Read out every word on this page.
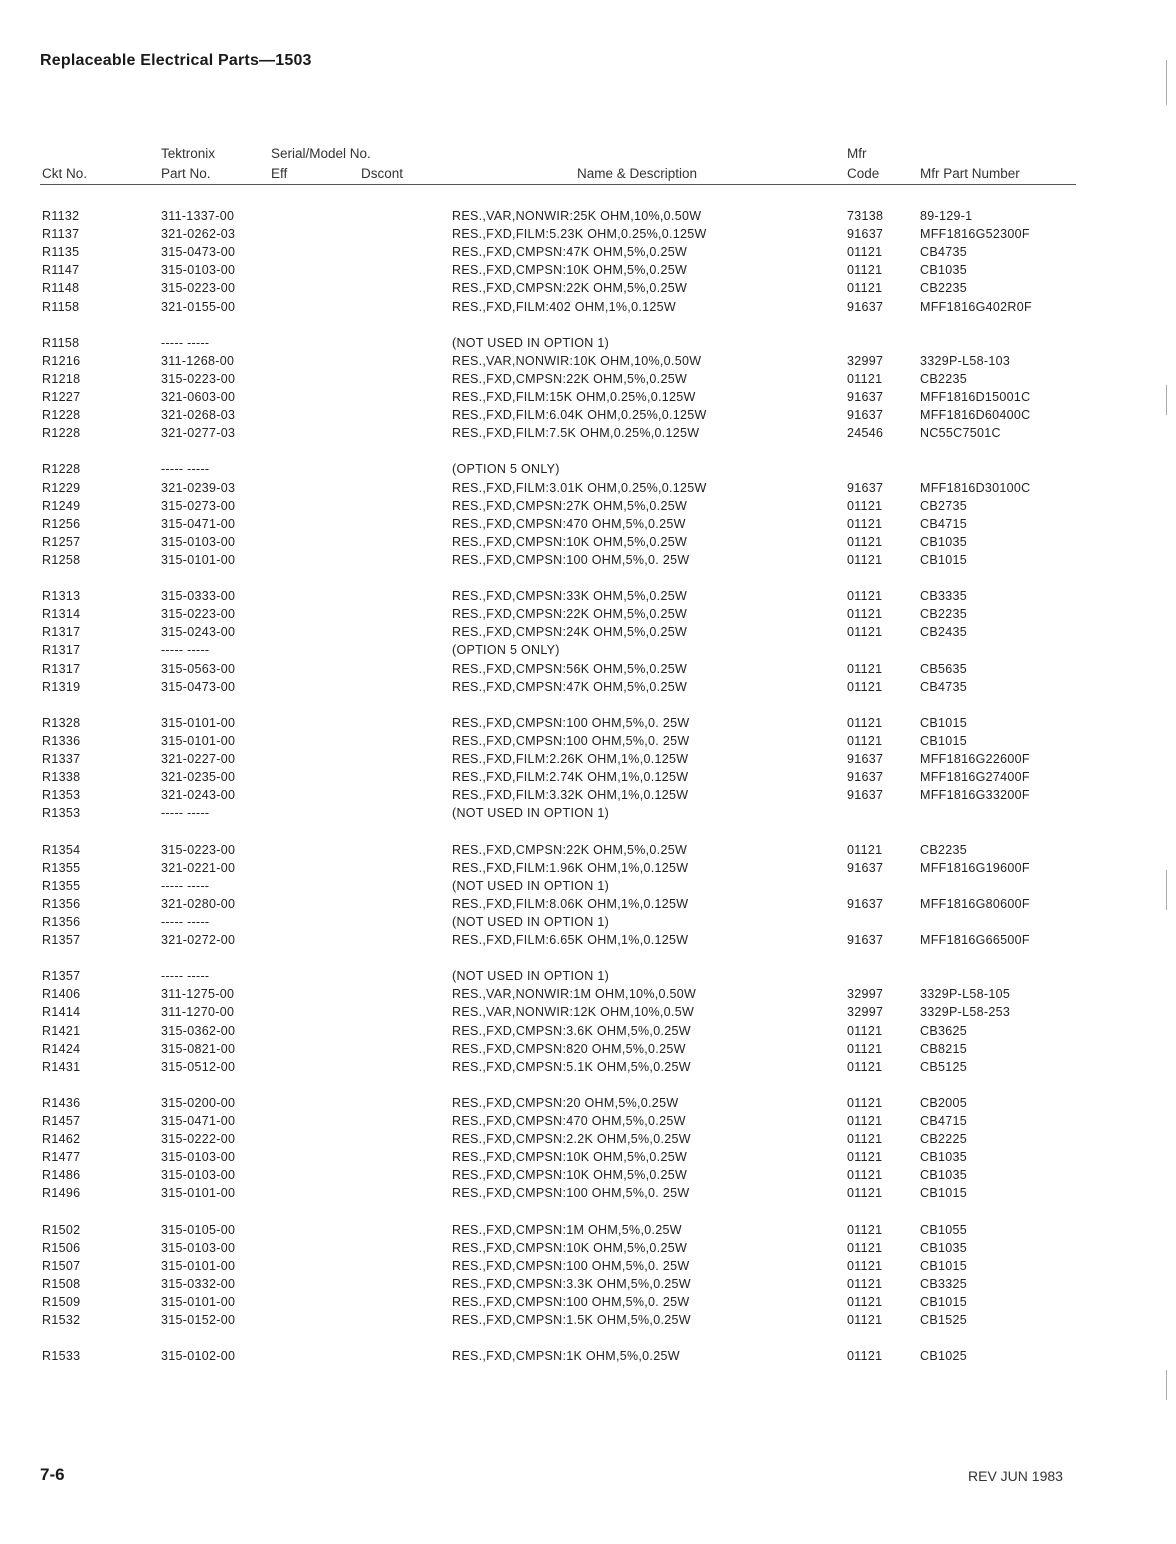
Replaceable Electrical Parts—1503
Tektronix	Serial/Model No.	Mfr
Ckt No.	Part No.	Eff	Dscont	Name & Description	Code	Mfr Part Number
R1132	311-1337-00	RES.,VAR,NONWIR:25K OHM,10%,0.50W	73138	89-129-1
R1137	321-0262-03	RES.,FXD,FILM:5.23K OHM,0.25%,0.125W	91637	MFF1816G52300F
R1135	315-0473-00	RES.,FXD,CMPSN:47K OHM,5%,0.25W	01121	CB4735
R1147	315-0103-00	RES.,FXD,CMPSN:10K OHM,5%,0.25W	01121	CB1035
R1148	315-0223-00	RES.,FXD,CMPSN:22K OHM,5%,0.25W	01121	CB2235
R1158	321-0155-00	RES.,FXD,FILM:402 OHM,1%,0.125W	91637	MFF1816G402R0F
R1158	----- -----	(NOT USED IN OPTION 1)
R1216	311-1268-00	RES.,VAR,NONWIR:10K OHM,10%,0.50W	32997	3329P-L58-103
R1218	315-0223-00	RES.,FXD,CMPSN:22K OHM,5%,0.25W	01121	CB2235
R1227	321-0603-00	RES.,FXD,FILM:15K OHM,0.25%,0.125W	91637	MFF1816D15001C
R1228	321-0268-03	RES.,FXD,FILM:6.04K OHM,0.25%,0.125W	91637	MFF1816D60400C
R1228	321-0277-03	RES.,FXD,FILM:7.5K OHM,0.25%,0.125W	24546	NC55C7501C
R1228	----- -----	(OPTION 5 ONLY)
R1229	321-0239-03	RES.,FXD,FILM:3.01K OHM,0.25%,0.125W	91637	MFF1816D30100C
R1249	315-0273-00	RES.,FXD,CMPSN:27K OHM,5%,0.25W	01121	CB2735
R1256	315-0471-00	RES.,FXD,CMPSN:470 OHM,5%,0.25W	01121	CB4715
R1257	315-0103-00	RES.,FXD,CMPSN:10K OHM,5%,0.25W	01121	CB1035
R1258	315-0101-00	RES.,FXD,CMPSN:100 OHM,5%,0. 25W	01121	CB1015
R1313	315-0333-00	RES.,FXD,CMPSN:33K OHM,5%,0.25W	01121	CB3335
R1314	315-0223-00	RES.,FXD,CMPSN:22K OHM,5%,0.25W	01121	CB2235
R1317	315-0243-00	RES.,FXD,CMPSN:24K OHM,5%,0.25W	01121	CB2435
R1317	----- -----	(OPTION 5 ONLY)
R1317	315-0563-00	RES.,FXD,CMPSN:56K OHM,5%,0.25W	01121	CB5635
R1319	315-0473-00	RES.,FXD,CMPSN:47K OHM,5%,0.25W	01121	CB4735
R1328	315-0101-00	RES.,FXD,CMPSN:100 OHM,5%,0. 25W	01121	CB1015
R1336	315-0101-00	RES.,FXD,CMPSN:100 OHM,5%,0. 25W	01121	CB1015
R1337	321-0227-00	RES.,FXD,FILM:2.26K OHM,1%,0.125W	91637	MFF1816G22600F
R1338	321-0235-00	RES.,FXD,FILM:2.74K OHM,1%,0.125W	91637	MFF1816G27400F
R1353	321-0243-00	RES.,FXD,FILM:3.32K OHM,1%,0.125W	91637	MFF1816G33200F
R1353	----- -----	(NOT USED IN OPTION 1)
R1354	315-0223-00	RES.,FXD,CMPSN:22K OHM,5%,0.25W	01121	CB2235
R1355	321-0221-00	RES.,FXD,FILM:1.96K OHM,1%,0.125W	91637	MFF1816G19600F
R1355	----- -----	(NOT USED IN OPTION 1)
R1356	321-0280-00	RES.,FXD,FILM:8.06K OHM,1%,0.125W	91637	MFF1816G80600F
R1356	----- -----	(NOT USED IN OPTION 1)
R1357	321-0272-00	RES.,FXD,FILM:6.65K OHM,1%,0.125W	91637	MFF1816G66500F
R1357	----- -----	(NOT USED IN OPTION 1)
R1406	311-1275-00	RES.,VAR,NONWIR:1M OHM,10%,0.50W	32997	3329P-L58-105
R1414	311-1270-00	RES.,VAR,NONWIR:12K OHM,10%,0.5W	32997	3329P-L58-253
R1421	315-0362-00	RES.,FXD,CMPSN:3.6K OHM,5%,0.25W	01121	CB3625
R1424	315-0821-00	RES.,FXD,CMPSN:820 OHM,5%,0.25W	01121	CB8215
R1431	315-0512-00	RES.,FXD,CMPSN:5.1K OHM,5%,0.25W	01121	CB5125
R1436	315-0200-00	RES.,FXD,CMPSN:20 OHM,5%,0.25W	01121	CB2005
R1457	315-0471-00	RES.,FXD,CMPSN:470 OHM,5%,0.25W	01121	CB4715
R1462	315-0222-00	RES.,FXD,CMPSN:2.2K OHM,5%,0.25W	01121	CB2225
R1477	315-0103-00	RES.,FXD,CMPSN:10K OHM,5%,0.25W	01121	CB1035
R1486	315-0103-00	RES.,FXD,CMPSN:10K OHM,5%,0.25W	01121	CB1035
R1496	315-0101-00	RES.,FXD,CMPSN:100 OHM,5%,0. 25W	01121	CB1015
R1502	315-0105-00	RES.,FXD,CMPSN:1M OHM,5%,0.25W	01121	CB1055
R1506	315-0103-00	RES.,FXD,CMPSN:10K OHM,5%,0.25W	01121	CB1035
R1507	315-0101-00	RES.,FXD,CMPSN:100 OHM,5%,0. 25W	01121	CB1015
R1508	315-0332-00	RES.,FXD,CMPSN:3.3K OHM,5%,0.25W	01121	CB3325
R1509	315-0101-00	RES.,FXD,CMPSN:100 OHM,5%,0. 25W	01121	CB1015
R1532	315-0152-00	RES.,FXD,CMPSN:1.5K OHM,5%,0.25W	01121	CB1525
R1533	315-0102-00	RES.,FXD,CMPSN:1K OHM,5%,0.25W	01121	CB1025
7-6	REV JUN 1983
